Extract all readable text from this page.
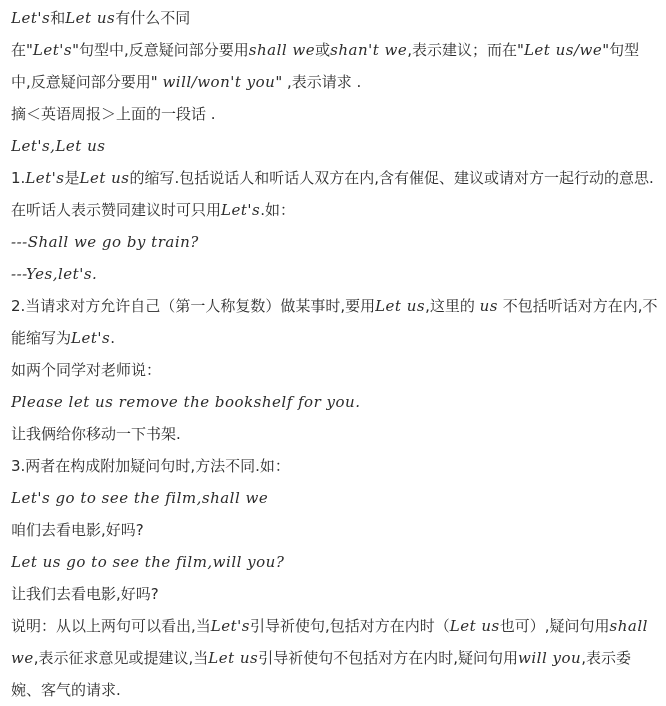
Let's和Let us有什么不同
在"Let's"句型中,反意疑问部分要用shall we或shan't we,表示建议；而在"Let us/we"句型
中,反意疑问部分要用" will/won't you" ,表示请求 .
摘＜英语周报＞上面的一段话 .
Let's,Let us
1.Let's是Let us的缩写.包括说话人和听话人双方在内,含有催促、建议或请对方一起行动的意思.在听话人表示赞同建议时可只用Let's.如：
---Shall we go by train?
---Yes,let's.
2.当请求对方允许自己（第一人称复数）做某事时,要用Let us,这里的 us 不包括听话对方在内,不能缩写为Let's.
如两个同学对老师说：
Please let us remove the bookshelf for you.
让我俩给你移动一下书架.
3.两者在构成附加疑问句时,方法不同.如：
Let's go to see the film,shall we
咱们去看电影,好吗?
Let us go to see the film,will you?
让我们去看电影,好吗?
说明：从以上两句可以看出,当Let's引导祈使句,包括对方在内时（Let us也可）,疑问句用shall we,表示征求意见或提建议,当Let us引导祈使句不包括对方在内时,疑问句用will you,表示委婉、客气的请求.
